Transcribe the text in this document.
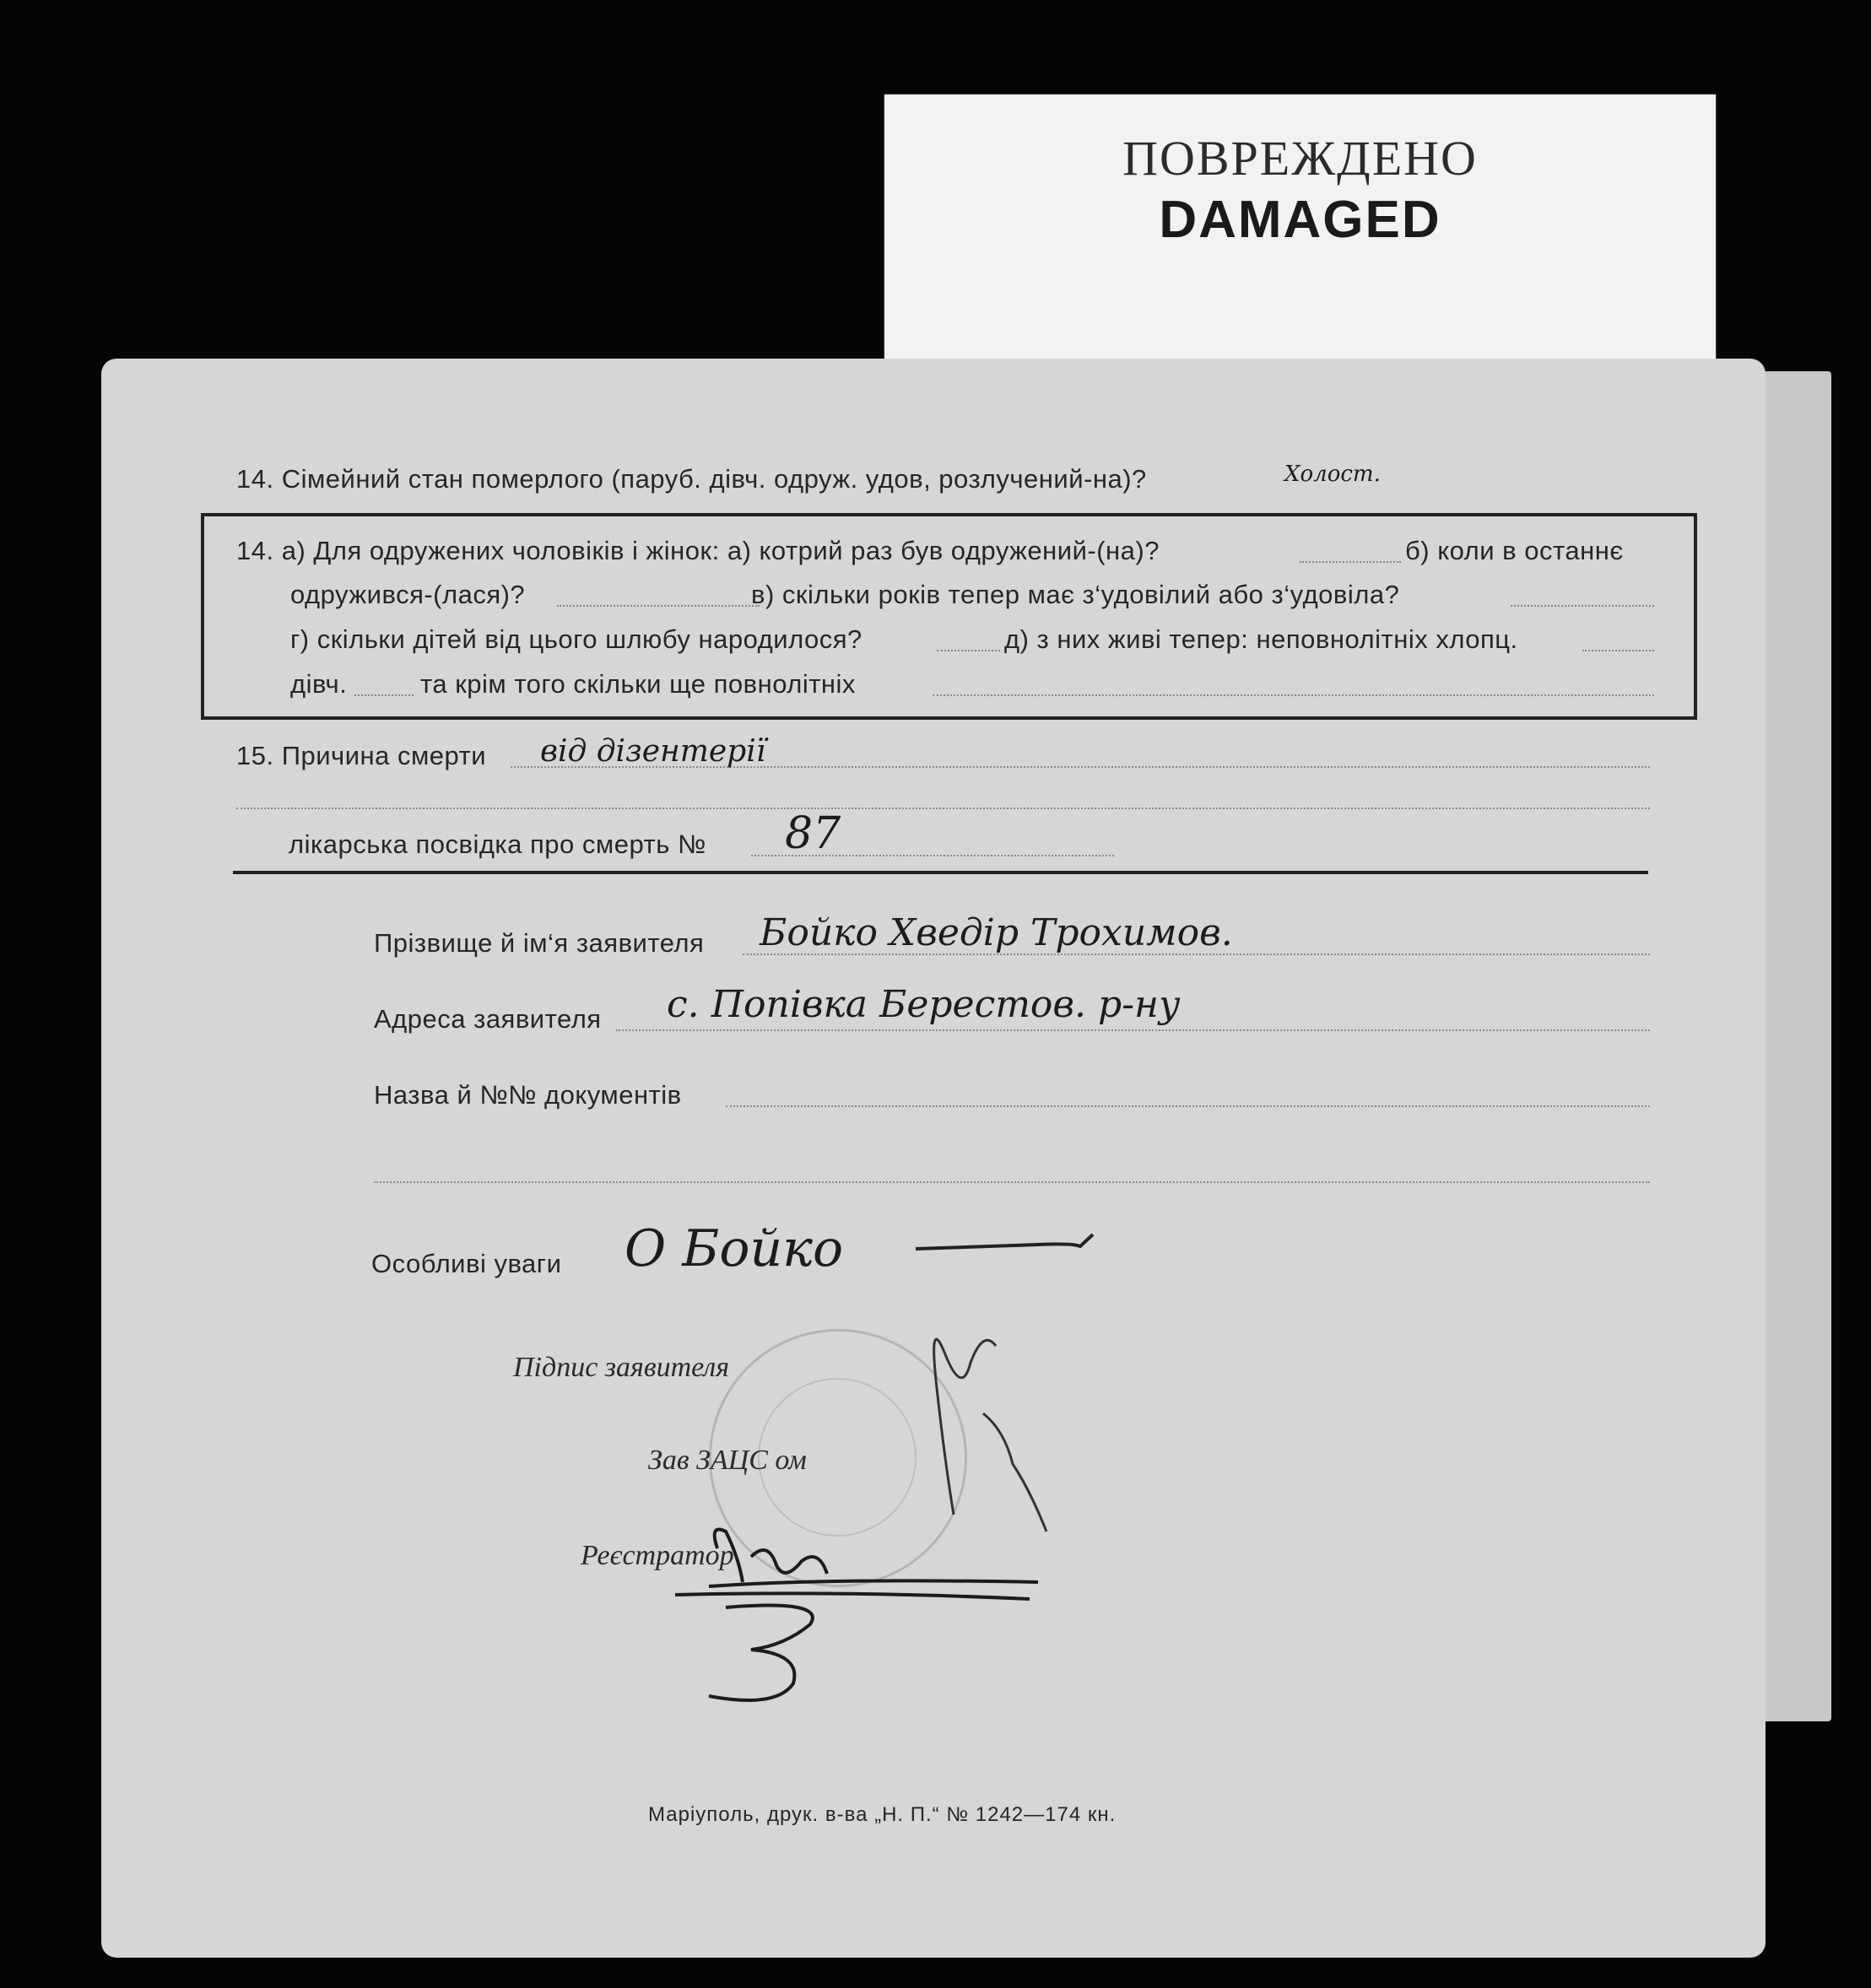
ПОВРЕЖДЕНО
DAMAGED
14. Сімейний стан померлого (паруб. дівч. одруж. удов, розлучений-на)?	Холост.
14. а) Для одружених чоловіків і жінок: а) котрий раз був одружений-(на)?	б) коли в останнє
одружився-(лася)?	в) скільки років тепер має з‘удовілий або з‘удовіла?
г) скільки дітей від цього шлюбу народилося?	д) з них живі тепер: неповнолітніх хлопц.
дівч.	та крім того скільки ще повнолітніх
15. Причина смерти від дізентерії
лікарська посвідка про смерть № 87
Прізвище й ім‘я заявителя Бойко Хведір Трохимов.
Адреса заявителя с. Попівка Берестов. р-ну
Назва й №№ документів
Особливі уваги О Бойко
Підпис заявителя
Зав ЗАЦС ом
Реєстратор
Маріуполь, друк. в-ва „Н. П.“ № 1242—174 кн.
